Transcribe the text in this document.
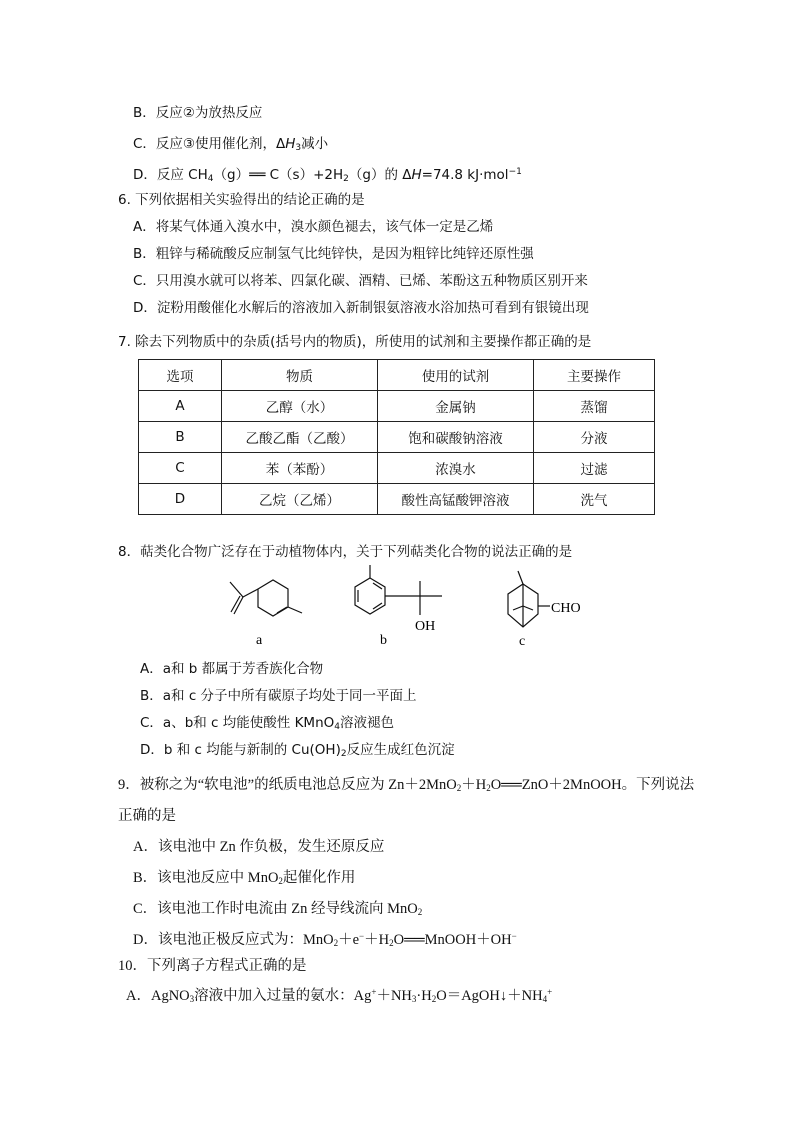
B．反应②为放热反应
C．反应③使用催化剂，$\Delta H_3$减小
D．反应 $CH_4(g)══$ $C(s)+2H_2(g)$的 ΔH=74.8 kJ·mol$^{-1}$
6. 下列依据相关实验得出的结论正确的是
A．将某气体通入溴水中，溴水颜色褪去，该气体一定是乙烯
B．粗锌与稀硫酸反应制氢气比纯锌快，是因为粗锌比纯锌还原性强
C．只用溴水就可以将苯、四氯化碳、酒精、已烯、苯酚这五种物质区别开来
D．淀粉用酸催化水解后的溶液加入新制银氨溶液水浴加热可看到有银镜出现
7. 除去下列物质中的杂质(括号内的物质)，所使用的试剂和主要操作都正确的是
选项	物质	使用的试剂	主要操作
A	乙醇（水）	金属钠	蒸馏
B	乙酸乙酯（乙酸）	饱和碳酸钠溶液	分液
C	苯（苯酚）	浓溴水	过滤
D	乙烷（乙烯）	酸性高锰酸钾溶液	洗气
8．萜类化合物广泛存在于动植物体内，关于下列萜类化合物的说法正确的是
a
OH
b
CHO
c
A．a和 b 都属于芳香族化合物
B．a和 c 分子中所有碳原子均处于同一平面上
C．a、b和 c 均能使酸性 KMnO$_4$溶液褪色
D．b 和 c 均能与新制的 $Cu(OH)_2$反应生成红色沉淀
9．被称之为“软电池”的纸质电池总反应为 $Zn+2MnO_2+H_2O══ZnO+2MnOOH$。下列说法
正确的是
A．该电池中 Zn 作负极，发生还原反应
B．该电池反应中 MnO$_2$起催化作用
C．该电池工作时电流由 Zn 经导线流向 MnO$_2$
D．该电池正极反应式为：$MnO_2+e^-+H_2O══MnOOH+OH^-$
10．下列离子方程式正确的是
A．AgNO$_3$溶液中加入过量的氨水：$Ag^++NH_3\cdot H_2O=AgOH↓+NH_4^+$
